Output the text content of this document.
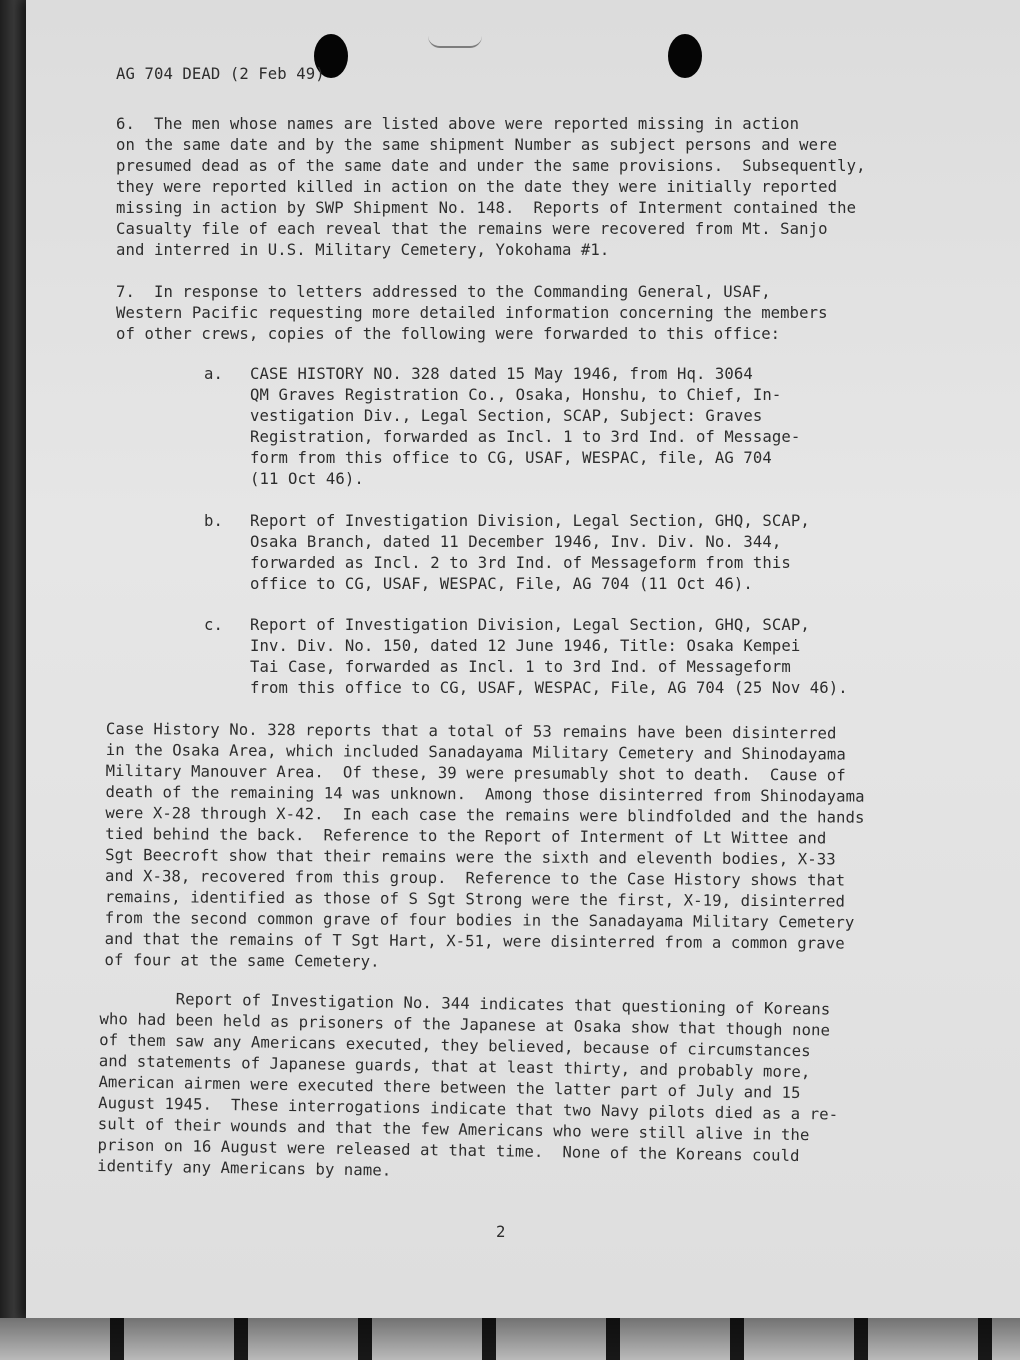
AG 704 DEAD (2 Feb 49)
6.  The men whose names are listed above were reported missing in action
on the same date and by the same shipment Number as subject persons and were
presumed dead as of the same date and under the same provisions.  Subsequently,
they were reported killed in action on the date they were initially reported
missing in action by SWP Shipment No. 148.  Reports of Interment contained the
Casualty file of each reveal that the remains were recovered from Mt. Sanjo
and interred in U.S. Military Cemetery, Yokohama #1.
7.  In response to letters addressed to the Commanding General, USAF,
Western Pacific requesting more detailed information concerning the members
of other crews, copies of the following were forwarded to this office:
a. CASE HISTORY NO. 328 dated 15 May 1946, from Hq. 3064
QM Graves Registration Co., Osaka, Honshu, to Chief, In-
vestigation Div., Legal Section, SCAP, Subject: Graves
Registration, forwarded as Incl. 1 to 3rd Ind. of Message-
form from this office to CG, USAF, WESPAC, file, AG 704
(11 Oct 46).
b. Report of Investigation Division, Legal Section, GHQ, SCAP,
Osaka Branch, dated 11 December 1946, Inv. Div. No. 344,
forwarded as Incl. 2 to 3rd Ind. of Messageform from this
office to CG, USAF, WESPAC, File, AG 704 (11 Oct 46).
c. Report of Investigation Division, Legal Section, GHQ, SCAP,
Inv. Div. No. 150, dated 12 June 1946, Title: Osaka Kempei
Tai Case, forwarded as Incl. 1 to 3rd Ind. of Messageform
from this office to CG, USAF, WESPAC, File, AG 704 (25 Nov 46).
Case History No. 328 reports that a total of 53 remains have been disinterred
in the Osaka Area, which included Sanadayama Military Cemetery and Shinodayama
Military Manouver Area.  Of these, 39 were presumably shot to death.  Cause of
death of the remaining 14 was unknown.  Among those disinterred from Shinodayama
were X-28 through X-42.  In each case the remains were blindfolded and the hands
tied behind the back.  Reference to the Report of Interment of Lt Wittee and
Sgt Beecroft show that their remains were the sixth and eleventh bodies, X-33
and X-38, recovered from this group.  Reference to the Case History shows that
remains, identified as those of S Sgt Strong were the first, X-19, disinterred
from the second common grave of four bodies in the Sanadayama Military Cemetery
and that the remains of T Sgt Hart, X-51, were disinterred from a common grave
of four at the same Cemetery.
Report of Investigation No. 344 indicates that questioning of Koreans
who had been held as prisoners of the Japanese at Osaka show that though none
of them saw any Americans executed, they believed, because of circumstances
and statements of Japanese guards, that at least thirty, and probably more,
American airmen were executed there between the latter part of July and 15
August 1945.  These interrogations indicate that two Navy pilots died as a re-
sult of their wounds and that the few Americans who were still alive in the
prison on 16 August were released at that time.  None of the Koreans could
identify any Americans by name.
2
